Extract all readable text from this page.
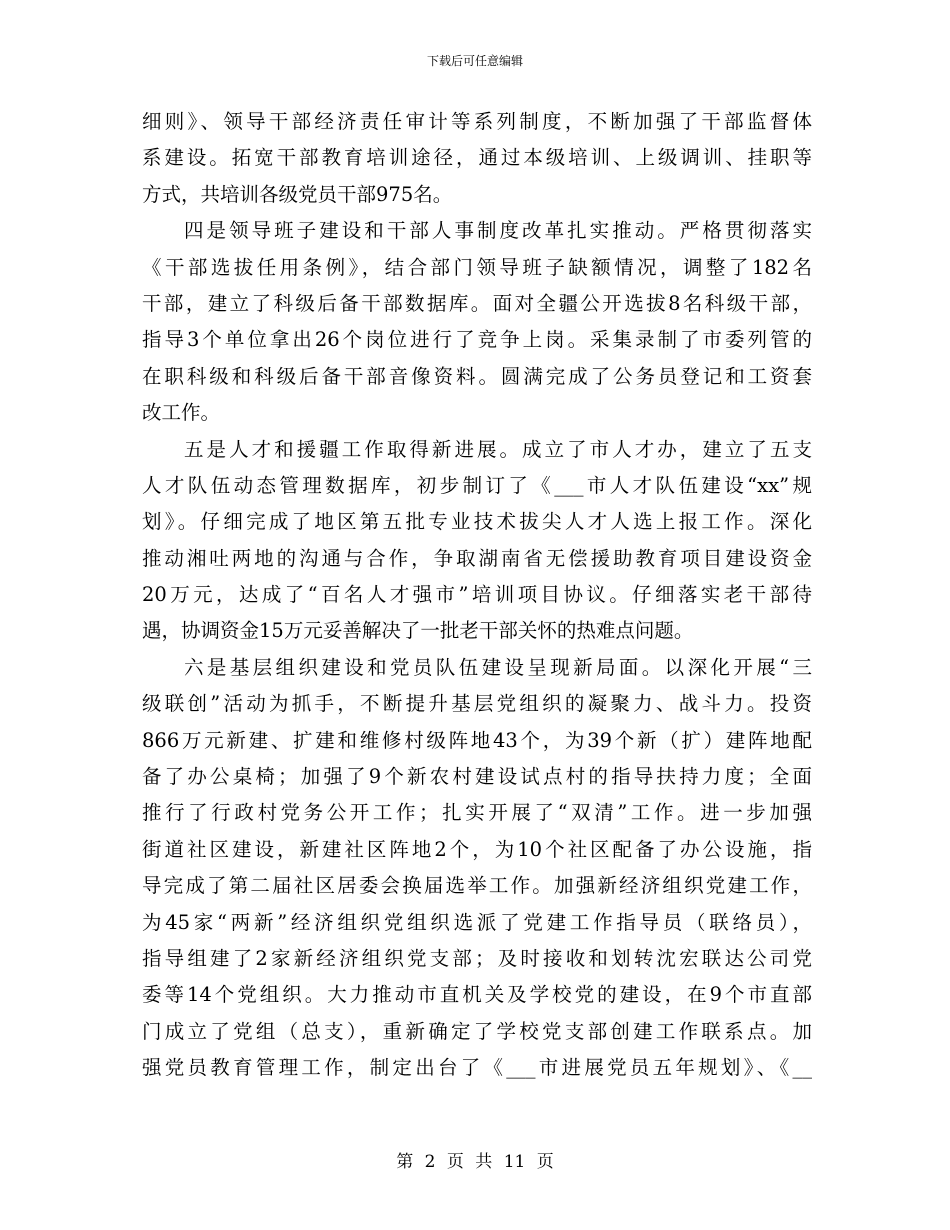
下载后可任意编辑
细则》、领导干部经济责任审计等系列制度，不断加强了干部监督体
系建设。拓宽干部教育培训途径，通过本级培训、上级调训、挂职等
方式，共培训各级党员干部975名。
四是领导班子建设和干部人事制度改革扎实推动。严格贯彻落实
《干部选拔任用条例》，结合部门领导班子缺额情况，调整了182名
干部，建立了科级后备干部数据库。面对全疆公开选拔8名科级干部，
指导3个单位拿出26个岗位进行了竞争上岗。采集录制了市委列管的
在职科级和科级后备干部音像资料。圆满完成了公务员登记和工资套
改工作。
五是人才和援疆工作取得新进展。成立了市人才办，建立了五支
人才队伍动态管理数据库，初步制订了《___市人才队伍建设“xx”规
划》。仔细完成了地区第五批专业技术拔尖人才人选上报工作。深化
推动湘吐两地的沟通与合作，争取湖南省无偿援助教育项目建设资金
20万元，达成了“百名人才强市”培训项目协议。仔细落实老干部待
遇，协调资金15万元妥善解决了一批老干部关怀的热难点问题。
六是基层组织建设和党员队伍建设呈现新局面。以深化开展“三
级联创”活动为抓手，不断提升基层党组织的凝聚力、战斗力。投资
866万元新建、扩建和维修村级阵地43个，为39个新（扩）建阵地配
备了办公桌椅；加强了9个新农村建设试点村的指导扶持力度；全面
推行了行政村党务公开工作；扎实开展了“双清”工作。进一步加强
街道社区建设，新建社区阵地2个，为10个社区配备了办公设施，指
导完成了第二届社区居委会换届选举工作。加强新经济组织党建工作，
为45家“两新”经济组织党组织选派了党建工作指导员（联络员），
指导组建了2家新经济组织党支部；及时接收和划转沈宏联达公司党
委等14个党组织。大力推动市直机关及学校党的建设，在9个市直部
门成立了党组（总支），重新确定了学校党支部创建工作联系点。加
强党员教育管理工作，制定出台了《___市进展党员五年规划》、《__
第 2 页 共 11 页
